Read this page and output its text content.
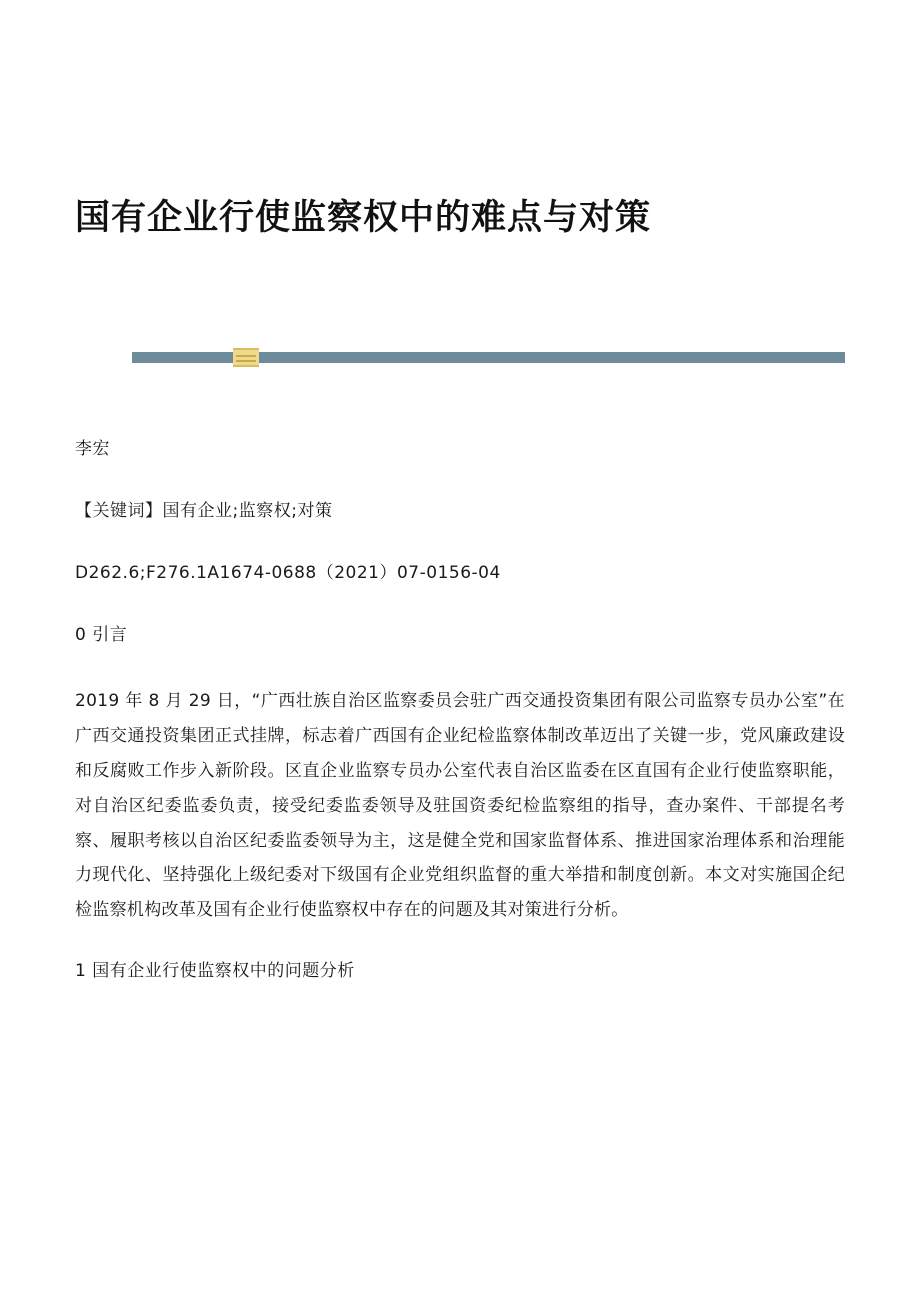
国有企业行使监察权中的难点与对策
李宏
【关键词】国有企业;监察权;对策
D262.6;F276.1A1674-0688（2021）07-0156-04
0 引言

2019 年 8 月 29 日，“广西壮族自治区监察委员会驻广西交通投资集团有限公司监察专员办公室”在广西交通投资集团正式挂牌，标志着广西国有企业纪检监察体制改革迈出了关键一步，党风廉政建设和反腐败工作步入新阶段。区直企业监察专员办公室代表自治区监委在区直国有企业行使监察职能，对自治区纪委监委负责，接受纪委监委领导及驻国资委纪检监察组的指导，查办案件、干部提名考察、履职考核以自治区纪委监委领导为主，这是健全党和国家监督体系、推进国家治理体系和治理能力现代化、坚持强化上级纪委对下级国有企业党组织监督的重大举措和制度创新。本文对实施国企纪检监察机构改革及国有企业行使监察权中存在的问题及其对策进行分析。

1 国有企业行使监察权中的问题分析
